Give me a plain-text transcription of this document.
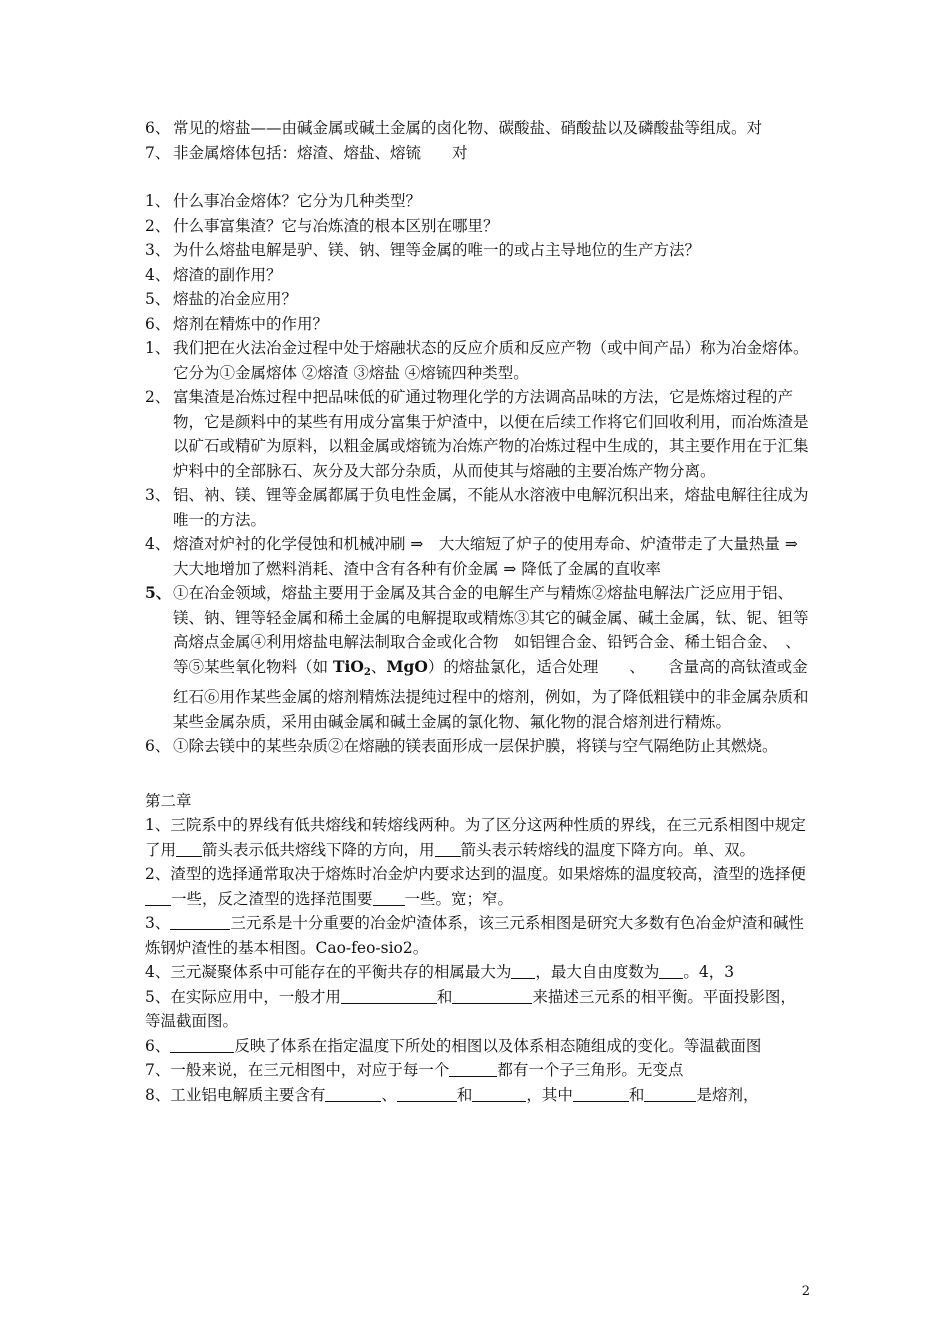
6、 常见的熔盐——由碱金属或碱土金属的卤化物、碳酸盐、硝酸盐以及磷酸盐等组成。对
7、 非金属熔体包括：熔渣、熔盐、熔锍　　对
1、 什么事冶金熔体？它分为几种类型？
2、 什么事富集渣？它与冶炼渣的根本区别在哪里？
3、 为什么熔盐电解是驴、镁、钠、锂等金属的唯一的或占主导地位的生产方法？
4、 熔渣的副作用？
5、 熔盐的冶金应用？
6、 熔剂在精炼中的作用？
1、 我们把在火法冶金过程中处于熔融状态的反应介质和反应产物（或中间产品）称为冶金熔体。它分为①金属熔体 ②熔渣 ③熔盐 ④熔锍四种类型。
2、 富集渣是冶炼过程中把品味低的矿通过物理化学的方法调高品味的方法，它是炼熔过程的产物，它是颜料中的某些有用成分富集于炉渣中，以便在后续工作将它们回收利用，而冶炼渣是以矿石或精矿为原料，以粗金属或熔锍为冶炼产物的冶炼过程中生成的，其主要作用在于汇集炉料中的全部脉石、灰分及大部分杂质，从而使其与熔融的主要冶炼产物分离。
3、 铝、衲、镁、锂等金属都属于负电性金属，不能从水溶液中电解沉积出来，熔盐电解往往成为唯一的方法。
4、 熔渣对炉衬的化学侵蚀和机械冲刷 ⇒　大大缩短了炉子的使用寿命、炉渣带走了大量热量 ⇒　大大地增加了燃料消耗、渣中含有各种有价金属 ⇒ 降低了金属的直收率
5、 ①在冶金领域，熔盐主要用于金属及其合金的电解生产与精炼②熔盐电解法广泛应用于铝、镁、钠、锂等轻金属和稀土金属的电解提取或精炼③其它的碱金属、碱土金属，钛、铌、钽等高熔点金属④利用熔盐电解法制取合金或化合物　如铝锂合金、铅钙合金、稀土铝合金、　、　　等⑤某些氧化物料（如 TiO$_2$、MgO）的熔盐氯化，适合处理　　、　　含量高的高钛渣或金红石⑥用作某些金属的熔剂精炼法提纯过程中的熔剂，例如，为了降低粗镁中的非金属杂质和某些金属杂质，采用由碱金属和碱土金属的氯化物、氟化物的混合熔剂进行精炼。
6、 ①除去镁中的某些杂质②在熔融的镁表面形成一层保护膜，将镁与空气隔绝防止其燃烧。
第二章
1、三院系中的界线有低共熔线和转熔线两种。为了区分这两种性质的界线，在三元系相图中规定了用 箭头表示低共熔线下降的方向，用 箭头表示转熔线的温度下降方向。单、双。
2、渣型的选择通常取决于熔炼时冶金炉内要求达到的温度。如果熔炼的温度较高，渣型的选择便一些，反之渣型的选择范围要 一些。宽；窄。
3、	三元系是十分重要的冶金炉渣体系，该三元系相图是研究大多数有色冶金炉渣和碱性炼钢炉渣性的基本相图。Cao-feo-sio2。
4、三元凝聚体系中可能存在的平衡共存的相属最大为 ，最大自由度数为 。4，3
5、在实际应用中，一般才用	和	来描述三元系的相平衡。平面投影图，等温截面图。
6、	反映了体系在指定温度下所处的相图以及体系相态随组成的变化。等温截面图
7、一般来说，在三元相图中，对应于每一个	都有一个子三角形。无变点
8、工业铝电解质主要含有	、	和	，其中	和	是熔剂，
2
